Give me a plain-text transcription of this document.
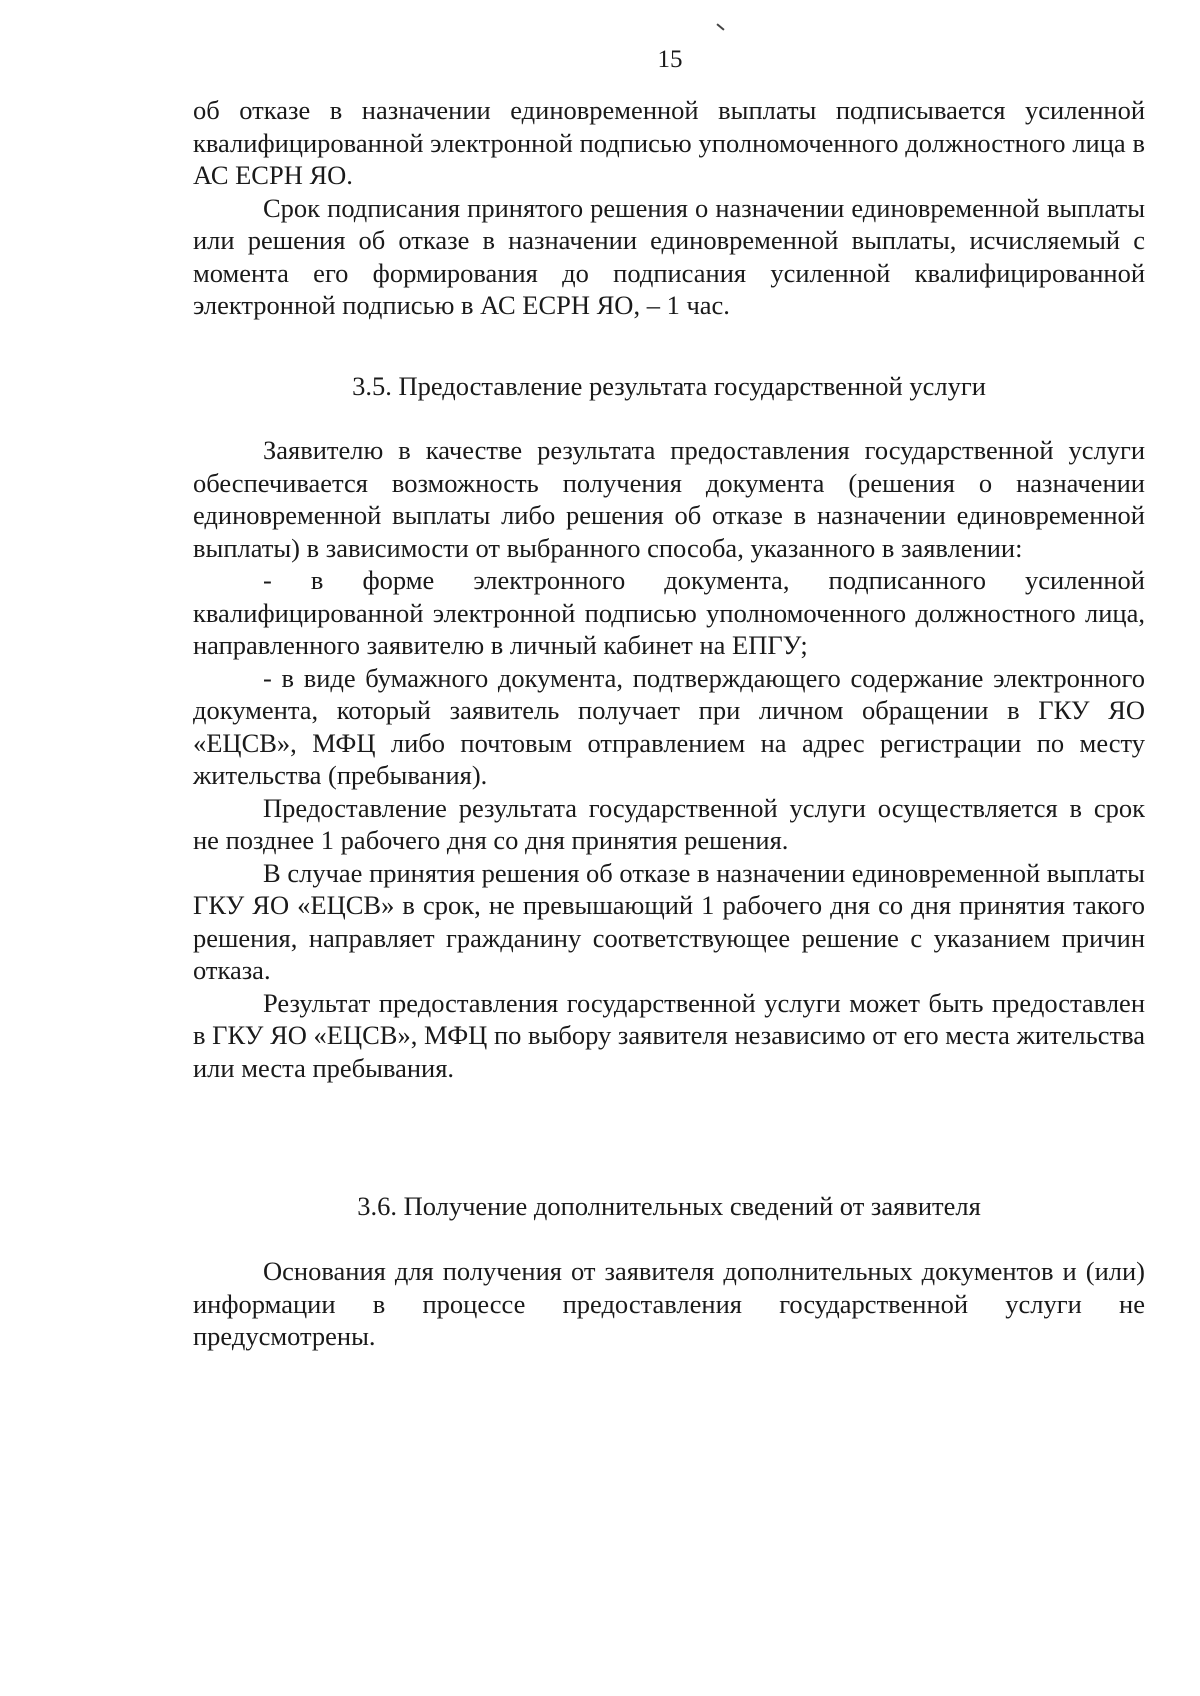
15

об отказе в назначении единовременной выплаты подписывается усиленной квалифицированной электронной подписью уполномоченного должностного лица в АС ЕСРН ЯО.

Срок подписания принятого решения о назначении единовременной выплаты или решения об отказе в назначении единовременной выплаты, исчисляемый с момента его формирования до подписания усиленной квалифицированной электронной подписью в АС ЕСРН ЯО, – 1 час.

3.5. Предоставление результата государственной услуги

Заявителю в качестве результата предоставления государственной услуги обеспечивается возможность получения документа (решения о назначении единовременной выплаты либо решения об отказе в назначении единовременной выплаты) в зависимости от выбранного способа, указанного в заявлении:

- в форме электронного документа, подписанного усиленной квалифицированной электронной подписью уполномоченного должностного лица, направленного заявителю в личный кабинет на ЕПГУ;

- в виде бумажного документа, подтверждающего содержание электронного документа, который заявитель получает при личном обращении в ГКУ ЯО «ЕЦСВ», МФЦ либо почтовым отправлением на адрес регистрации по месту жительства (пребывания).

Предоставление результата государственной услуги осуществляется в срок не позднее 1 рабочего дня со дня принятия решения.

В случае принятия решения об отказе в назначении единовременной выплаты ГКУ ЯО «ЕЦСВ» в срок, не превышающий 1 рабочего дня со дня принятия такого решения, направляет гражданину соответствующее решение с указанием причин отказа.

Результат предоставления государственной услуги может быть предоставлен в ГКУ ЯО «ЕЦСВ», МФЦ по выбору заявителя независимо от его места жительства или места пребывания.

3.6. Получение дополнительных сведений от заявителя

Основания для получения от заявителя дополнительных документов и (или) информации в процессе предоставления государственной услуги не предусмотрены.
